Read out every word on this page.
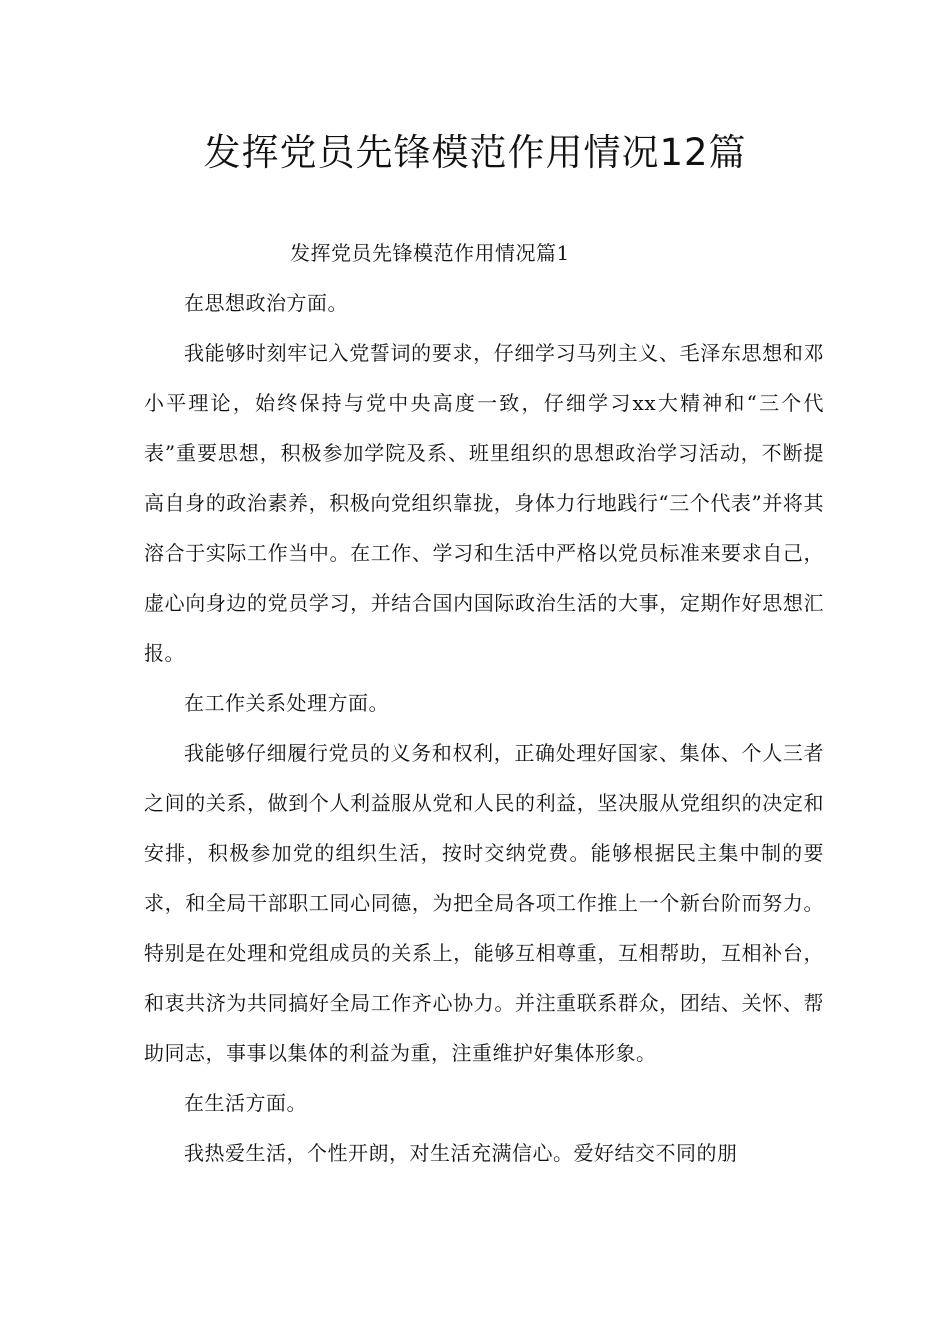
发挥党员先锋模范作用情况12篇

发挥党员先锋模范作用情况篇1

在思想政治方面。

我能够时刻牢记入党誓词的要求，仔细学习马列主义、毛泽东思想和邓小平理论，始终保持与党中央高度一致，仔细学习xx大精神和“三个代表”重要思想，积极参加学院及系、班里组织的思想政治学习活动，不断提高自身的政治素养，积极向党组织靠拢，身体力行地践行“三个代表”并将其溶合于实际工作当中。在工作、学习和生活中严格以党员标准来要求自己，虚心向身边的党员学习，并结合国内国际政治生活的大事，定期作好思想汇报。

在工作关系处理方面。

我能够仔细履行党员的义务和权利，正确处理好国家、集体、个人三者之间的关系，做到个人利益服从党和人民的利益，坚决服从党组织的决定和安排，积极参加党的组织生活，按时交纳党费。能够根据民主集中制的要求，和全局干部职工同心同德，为把全局各项工作推上一个新台阶而努力。特别是在处理和党组成员的关系上，能够互相尊重，互相帮助，互相补台，和衷共济为共同搞好全局工作齐心协力。并注重联系群众，团结、关怀、帮助同志，事事以集体的利益为重，注重维护好集体形象。

在生活方面。

我热爱生活，个性开朗，对生活充满信心。爱好结交不同的朋
